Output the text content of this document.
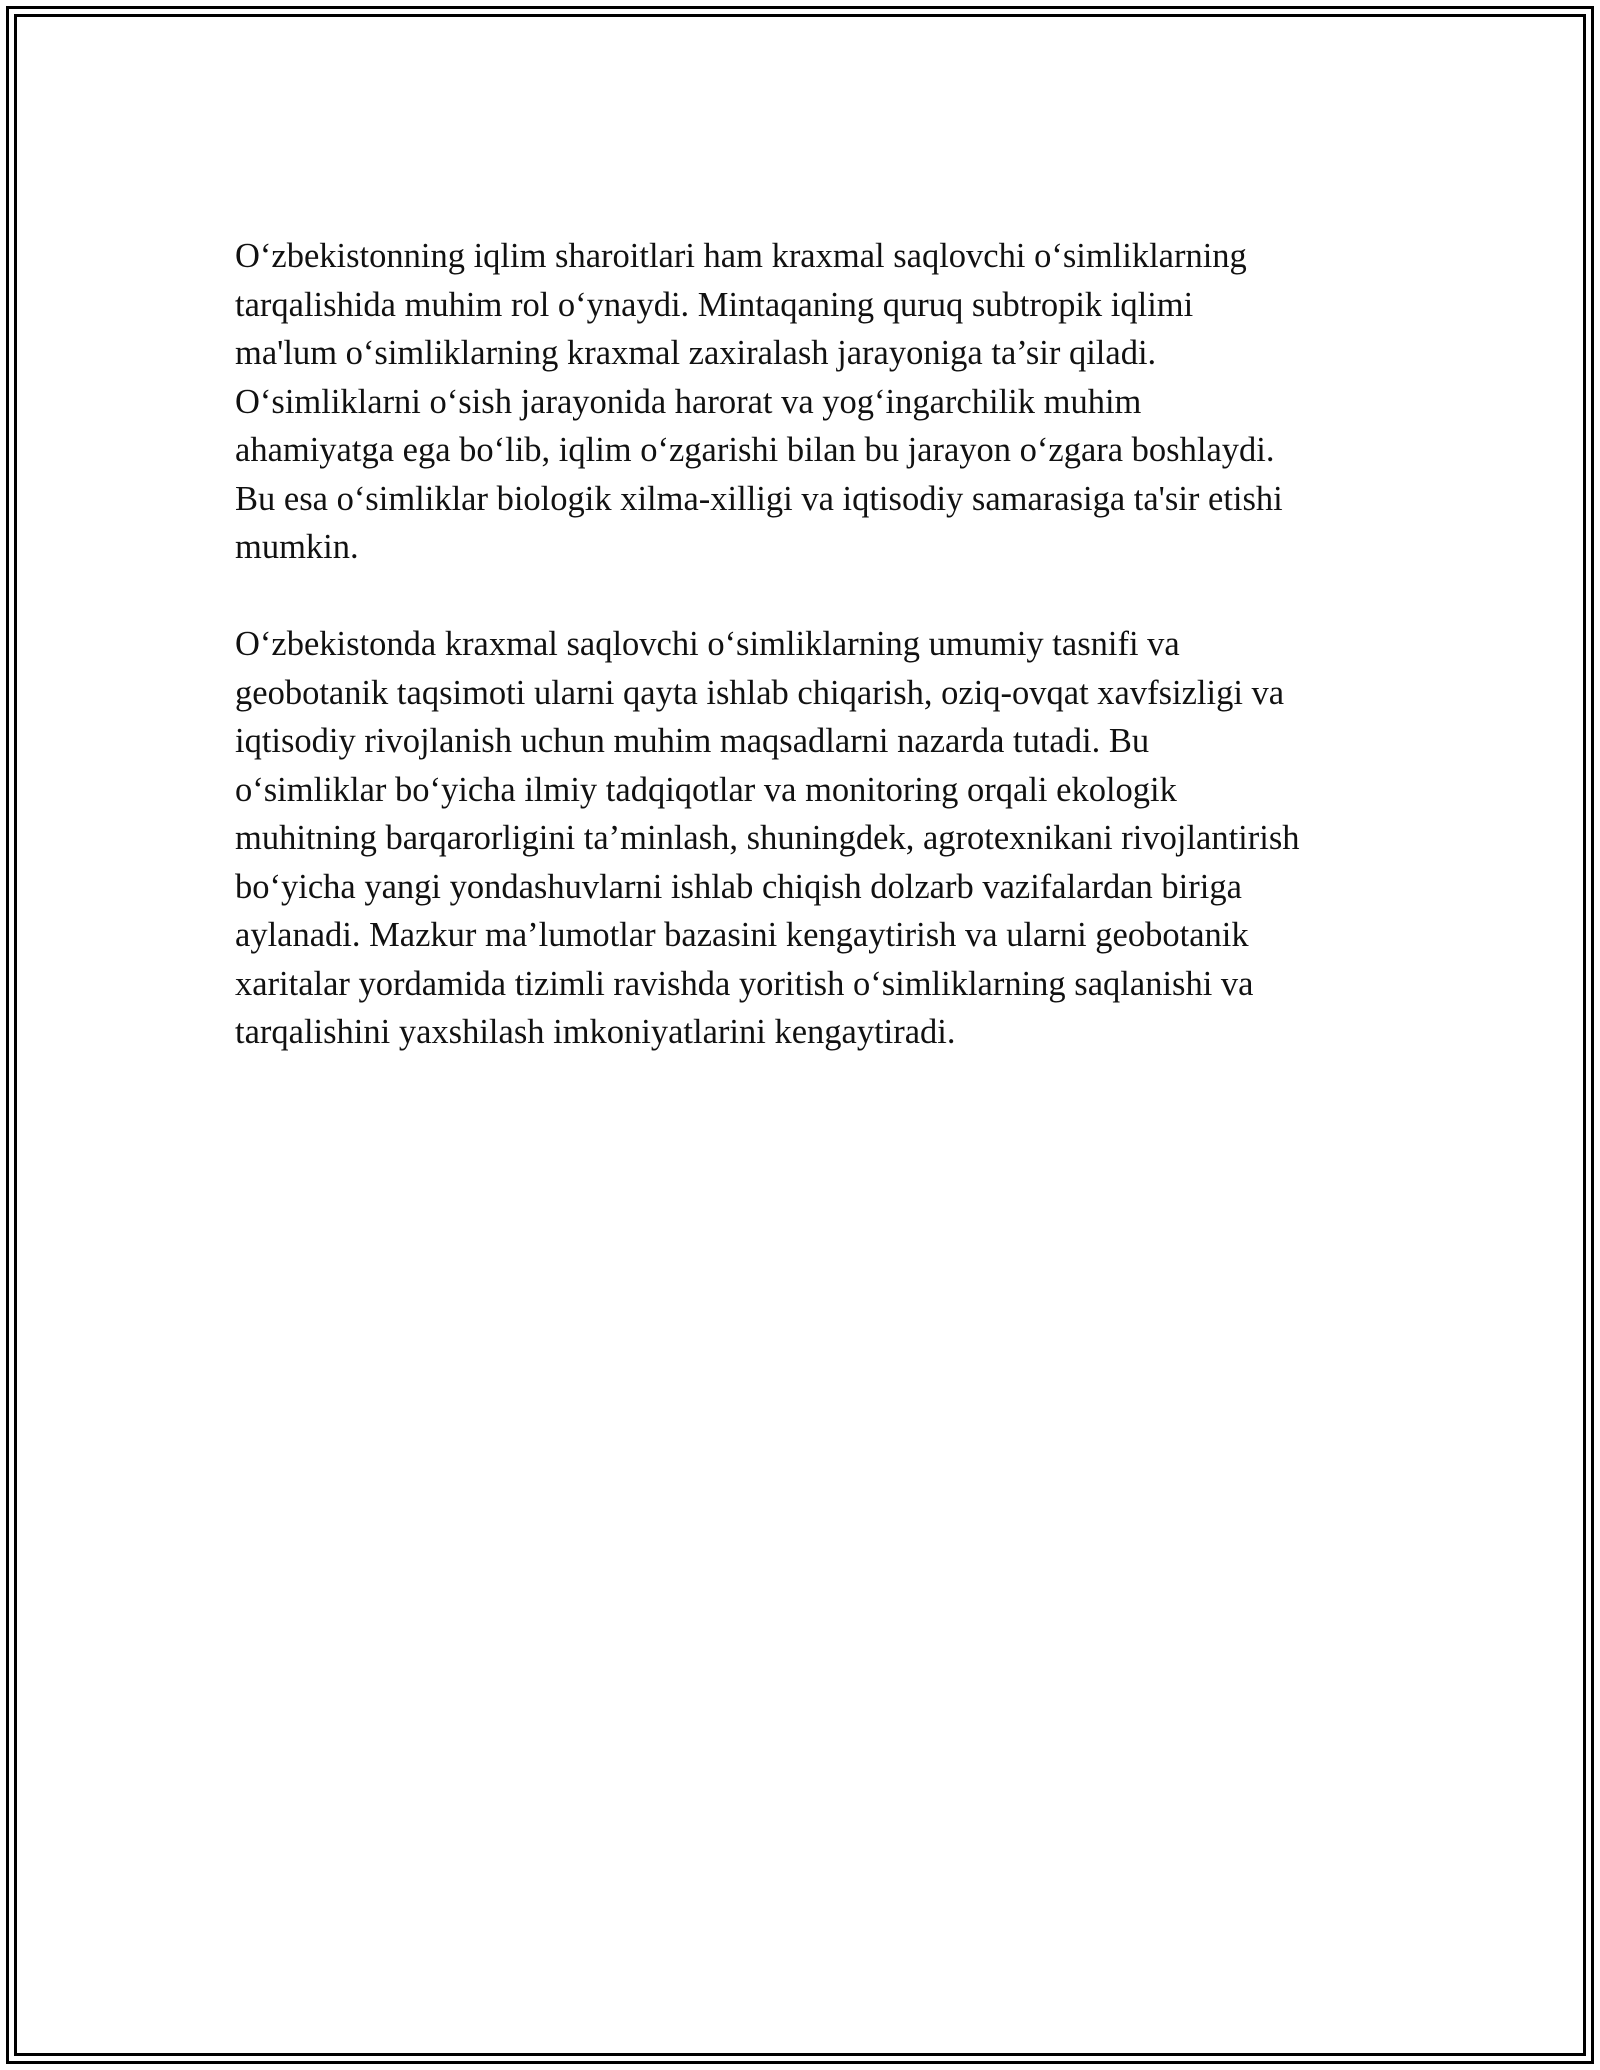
O‘zbekistonning iqlim sharoitlari ham kraxmal saqlovchi o‘simliklarning
tarqalishida muhim rol o‘ynaydi. Mintaqaning quruq subtropik iqlimi
ma'lum o‘simliklarning kraxmal zaxiralash jarayoniga ta’sir qiladi.
O‘simliklarni o‘sish jarayonida harorat va yog‘ingarchilik muhim
ahamiyatga ega bo‘lib, iqlim o‘zgarishi bilan bu jarayon o‘zgara boshlaydi.
Bu esa o‘simliklar biologik xilma-xilligi va iqtisodiy samarasiga ta'sir etishi
mumkin.

O‘zbekistonda kraxmal saqlovchi o‘simliklarning umumiy tasnifi va
geobotanik taqsimoti ularni qayta ishlab chiqarish, oziq-ovqat xavfsizligi va
iqtisodiy rivojlanish uchun muhim maqsadlarni nazarda tutadi. Bu
o‘simliklar bo‘yicha ilmiy tadqiqotlar va monitoring orqali ekologik
muhitning barqarorligini ta’minlash, shuningdek, agrotexnikani rivojlantirish
bo‘yicha yangi yondashuvlarni ishlab chiqish dolzarb vazifalardan biriga
aylanadi. Mazkur ma’lumotlar bazasini kengaytirish va ularni geobotanik
xaritalar yordamida tizimli ravishda yoritish o‘simliklarning saqlanishi va
tarqalishini yaxshilash imkoniyatlarini kengaytiradi.
